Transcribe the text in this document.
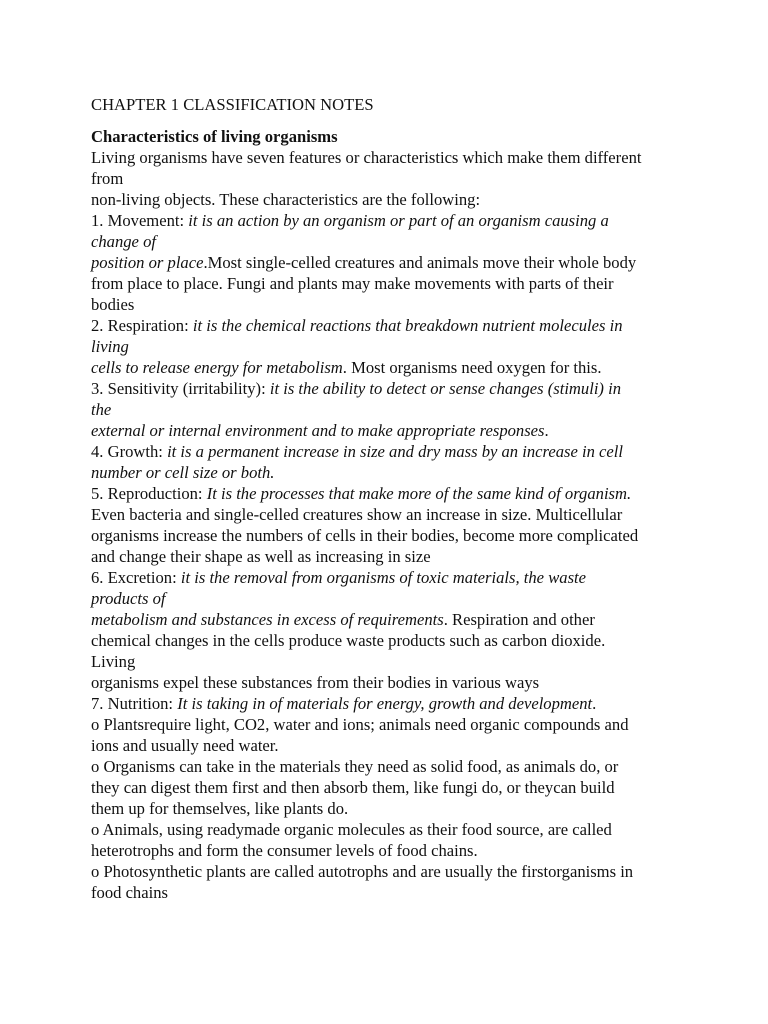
CHAPTER 1 CLASSIFICATION NOTES
Characteristics of living organisms
Living organisms have seven features or characteristics which make them different
from
non-living objects. These characteristics are the following:
1. Movement: it is an action by an organism or part of an organism causing a
change of
position or place.Most single-celled creatures and animals move their whole body
from place to place. Fungi and plants may make movements with parts of their
bodies
2. Respiration: it is the chemical reactions that breakdown nutrient molecules in
living
cells to release energy for metabolism. Most organisms need oxygen for this.
3. Sensitivity (irritability): it is the ability to detect or sense changes (stimuli) in
the
external or internal environment and to make appropriate responses.
4. Growth: it is a permanent increase in size and dry mass by an increase in cell
number or cell size or both.
5. Reproduction: It is the processes that make more of the same kind of organism.
Even bacteria and single-celled creatures show an increase in size. Multicellular
organisms increase the numbers of cells in their bodies, become more complicated
and change their shape as well as increasing in size
6. Excretion: it is the removal from organisms of toxic materials, the waste
products of
metabolism and substances in excess of requirements. Respiration and other
chemical changes in the cells produce waste products such as carbon dioxide.
Living
organisms expel these substances from their bodies in various ways
7. Nutrition: It is taking in of materials for energy, growth and development.
o Plantsrequire light, CO2, water and ions; animals need organic compounds and
ions and usually need water.
o Organisms can take in the materials they need as solid food, as animals do, or
they can digest them first and then absorb them, like fungi do, or theycan build
them up for themselves, like plants do.
o Animals, using readymade organic molecules as their food source, are called
heterotrophs and form the consumer levels of food chains.
o Photosynthetic plants are called autotrophs and are usually the firstorganisms in
food chains
